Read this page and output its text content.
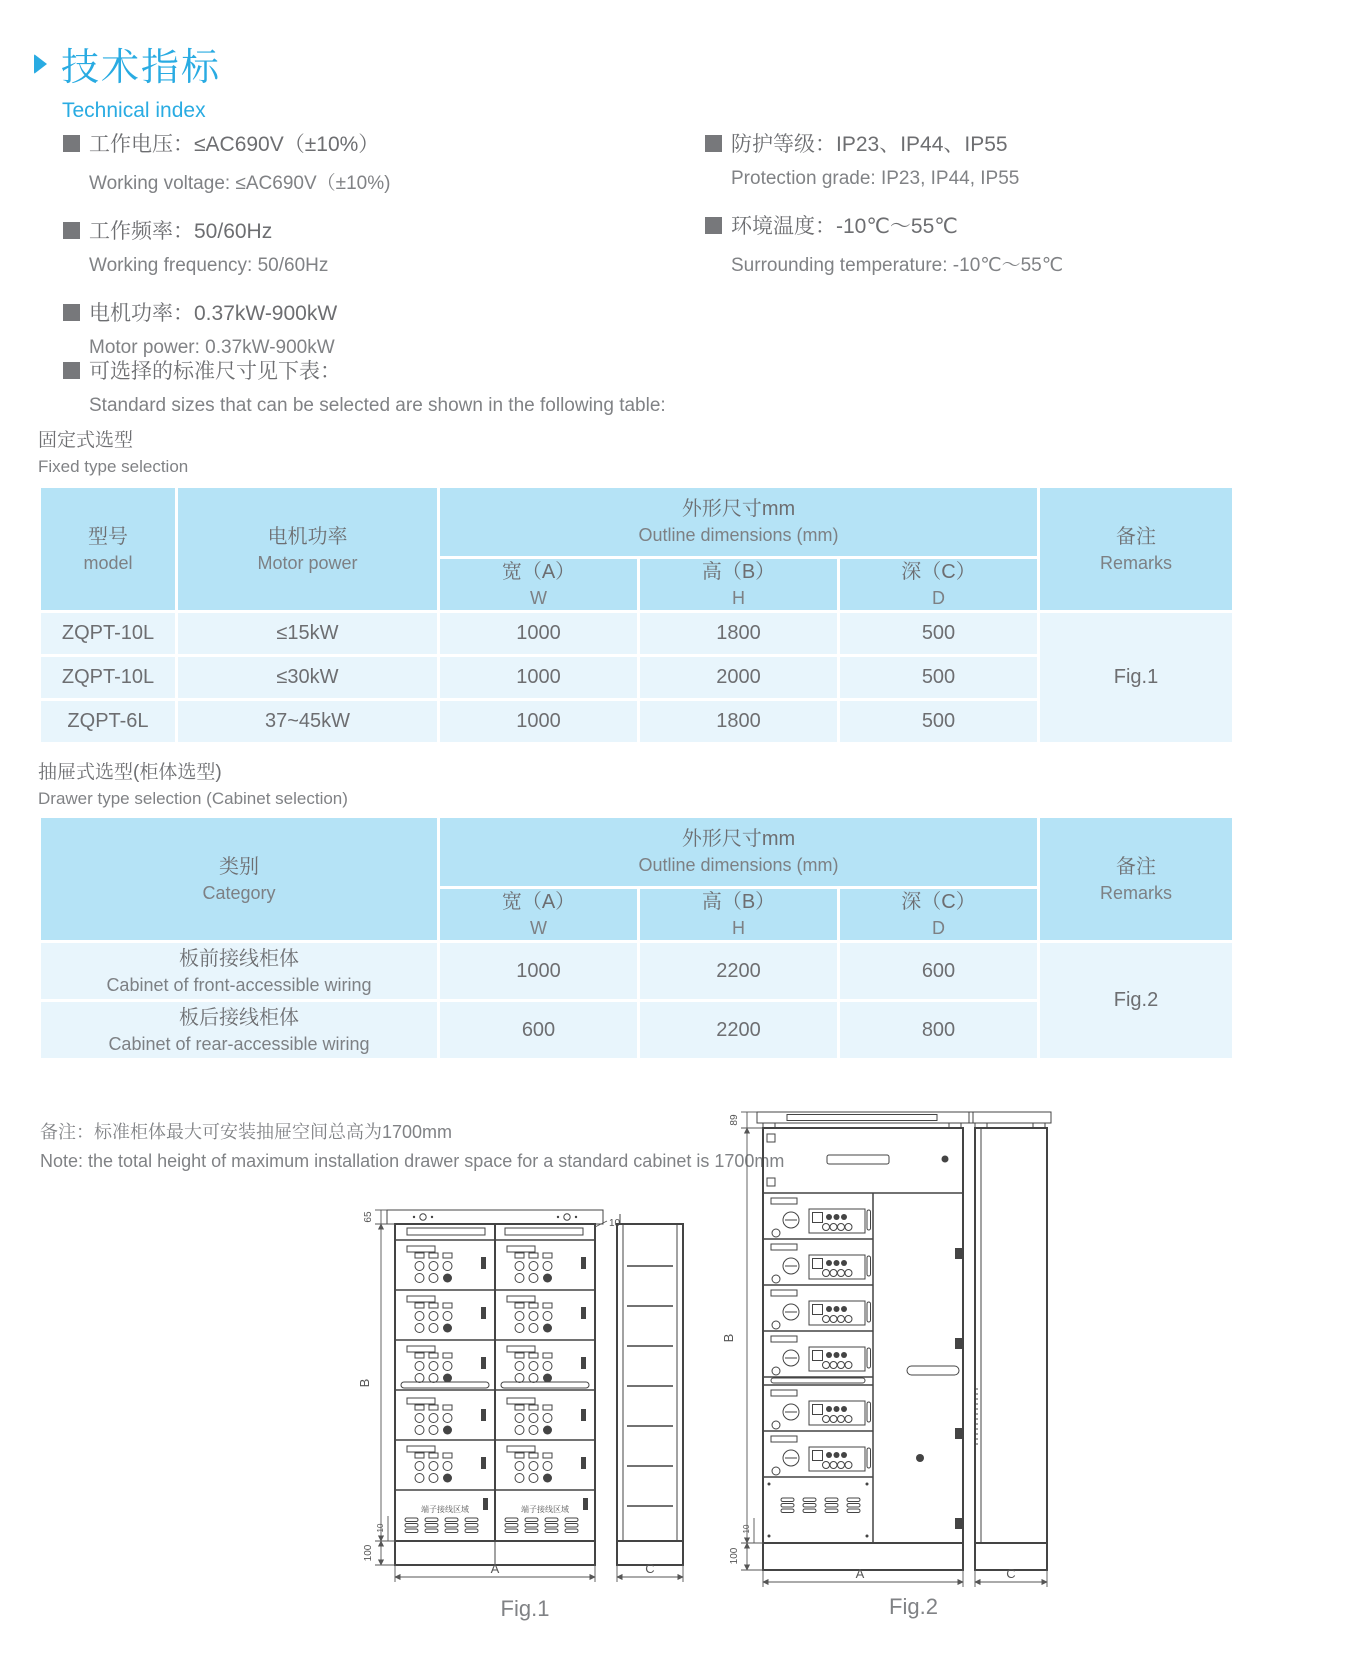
技术指标
Technical index
工作电压：≤AC690V（±10%）
Working voltage: ≤AC690V（±10%)
工作频率：50/60Hz
Working frequency: 50/60Hz
电机功率：0.37kW-900kW
Motor power: 0.37kW-900kW
防护等级：IP23、IP44、IP55
Protection grade: IP23, IP44, IP55
环境温度：-10℃～55℃
Surrounding temperature: -10℃～55℃
可选择的标准尺寸见下表：
Standard sizes that can be selected are shown in the following table:
固定式选型
Fixed type selection
型号
model	电机功率
Motor power	外形尺寸mm
Outline dimensions (mm)			备注
Remarks

		宽（A）
W	高（B）
H	深（C）
D	

ZQPT-10L	≤15kW	1000	1800	500	Fig.1
ZQPT-10L	≤30kW	1000	2000	500	
ZQPT-6L	37~45kW	1000	1800	500	
抽屉式选型(柜体选型)
Drawer type selection (Cabinet selection)
类别
Category	外形尺寸mm
Outline dimensions (mm)			备注
Remarks

	宽（A）
W	高（B）
H	深（C）
D	

板前接线柜体
Cabinet of front-accessible wiring	1000	2200	600	Fig.2

板后接线柜体
Cabinet of rear-accessible wiring	600	2200	800	
备注：标准柜体最大可安装抽屉空间总高为1700mm
Note: the total height of maximum installation drawer space for a standard cabinet is 1700mm
端子接线区域	端子接线区域
65
B
10
100
10
A	C
Fig.1
89
B
10
100
A	C
Fig.2
